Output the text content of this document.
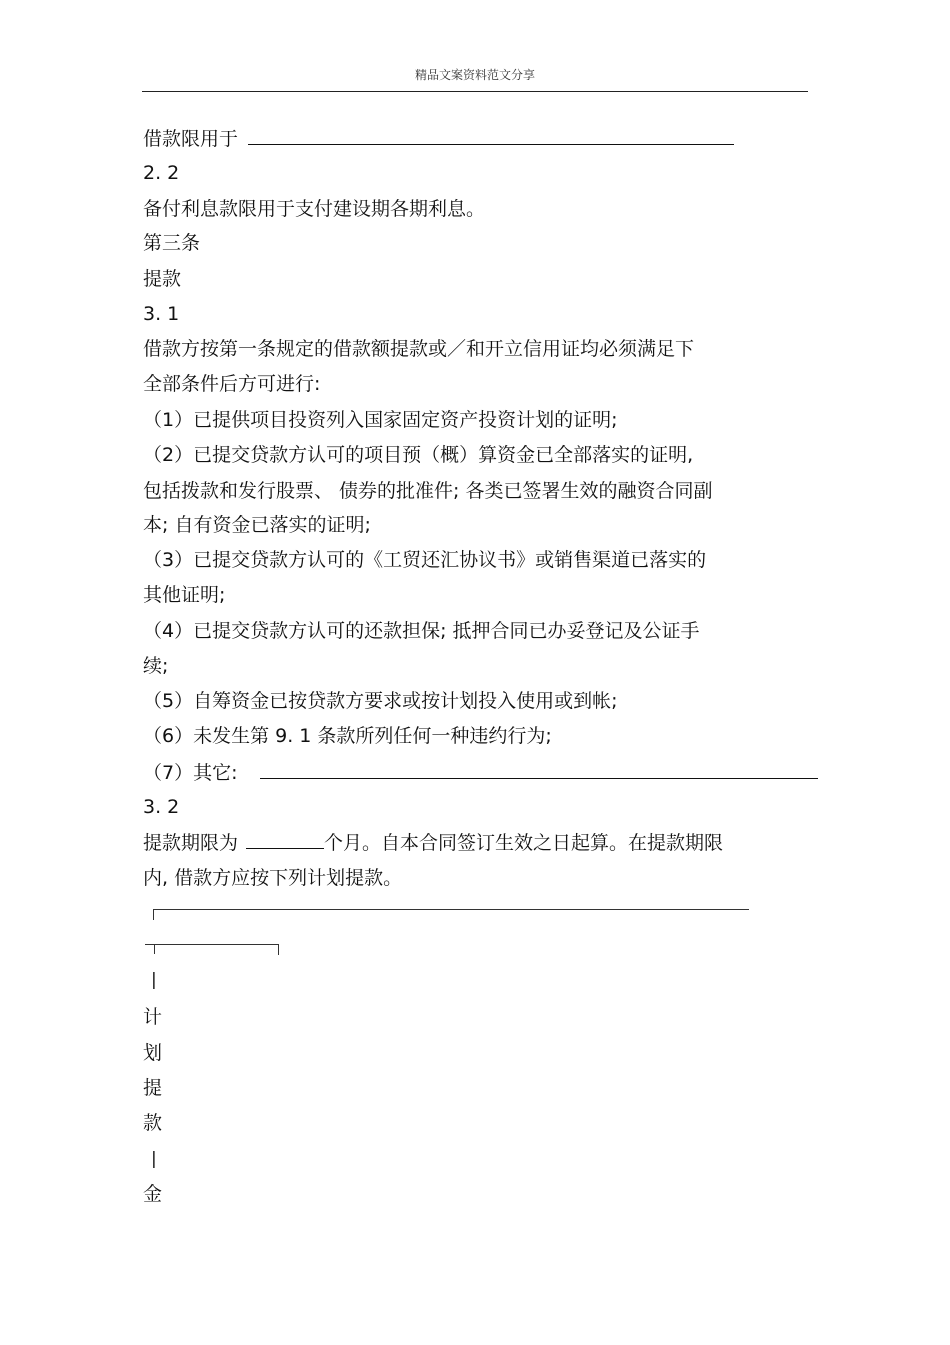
精品文案资料范文分享
借款限用于
2. 2
备付利息款限用于支付建设期各期利息。
第三条
提款
3. 1
借款方按第一条规定的借款额提款或／和开立信用证均必须满足下
全部条件后方可进行:
（1）已提供项目投资列入国家固定资产投资计划的证明;
（2）已提交贷款方认可的项目预（概）算资金已全部落实的证明,
包括拨款和发行股票、 债券的批准件; 各类已签署生效的融资合同副
本; 自有资金已落实的证明;
（3）已提交贷款方认可的《工贸还汇协议书》或销售渠道已落实的
其他证明;
（4）已提交贷款方认可的还款担保; 抵押合同已办妥登记及公证手
续;
（5）自筹资金已按贷款方要求或按计划投入使用或到帐;
（6）未发生第 9. 1 条款所列任何一种违约行为;
（7）其它:
3. 2
提款期限为	个月。自本合同签订生效之日起算。在提款期限
内, 借款方应按下列计划提款。
|
计
划
提
款
|
金
